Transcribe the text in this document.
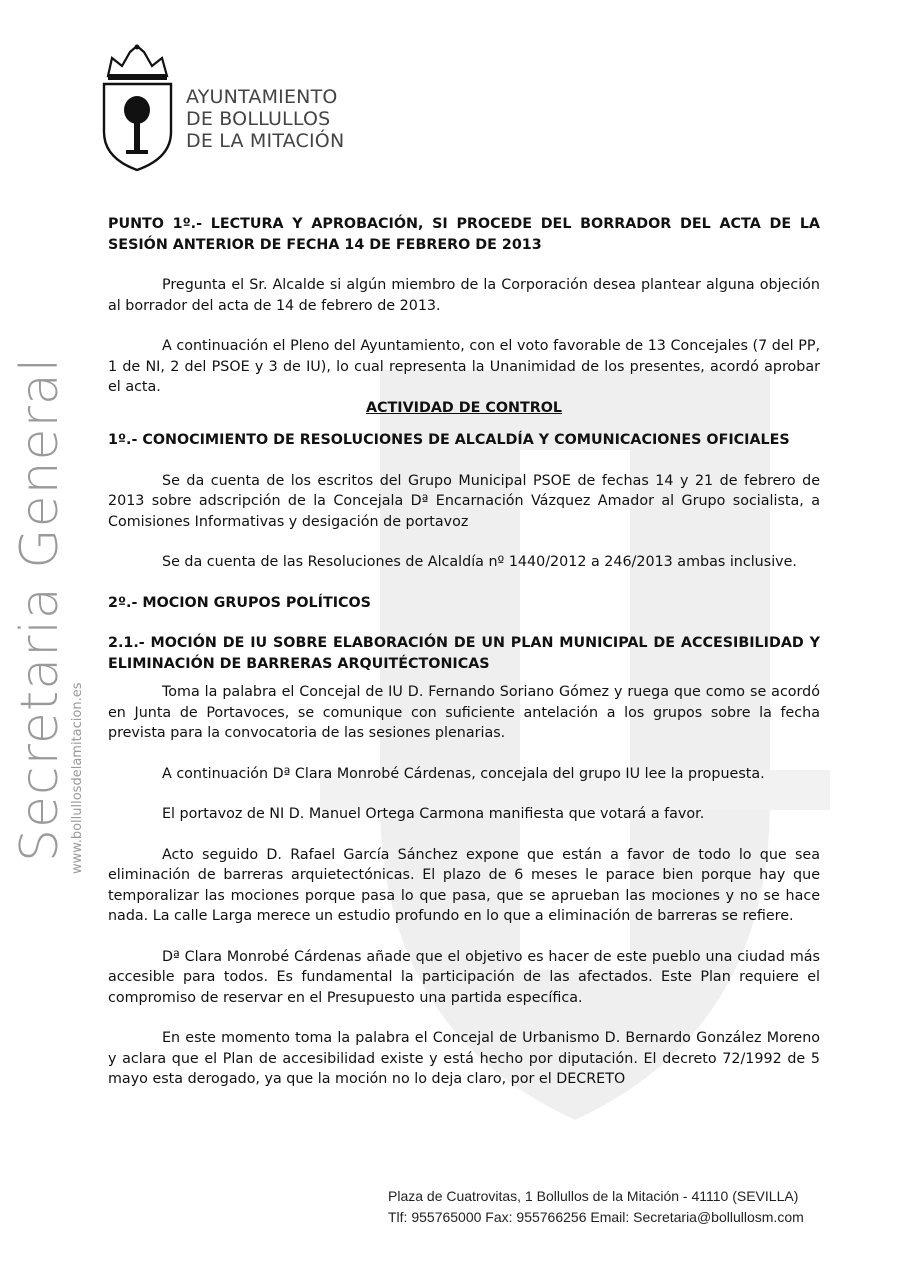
AYUNTAMIENTO
DE BOLLULLOS
DE LA MITACIÓN
Secretaria General www.bollullosdelamitacion.es

PUNTO 1º.- LECTURA Y APROBACIÓN, SI PROCEDE DEL BORRADOR DEL ACTA DE LA SESIÓN ANTERIOR DE FECHA 14 DE FEBRERO DE 2013

Pregunta el Sr. Alcalde si algún miembro de la Corporación desea plantear alguna objeción al borrador del acta de 14 de febrero de 2013.

A continuación el Pleno del Ayuntamiento, con el voto favorable de 13 Concejales (7 del PP, 1 de NI, 2 del PSOE y 3 de IU), lo cual representa la Unanimidad de los presentes, acordó aprobar el acta.

ACTIVIDAD DE CONTROL

1º.- CONOCIMIENTO DE RESOLUCIONES DE ALCALDÍA Y COMUNICACIONES OFICIALES

Se da cuenta de los escritos del Grupo Municipal PSOE de fechas 14 y 21 de febrero de 2013 sobre adscripción de la Concejala Dª Encarnación Vázquez Amador al Grupo socialista, a Comisiones Informativas y desigación de portavoz

Se da cuenta de las Resoluciones de Alcaldía nº 1440/2012 a 246/2013 ambas inclusive.

2º.- MOCION GRUPOS POLÍTICOS

2.1.- MOCIÓN DE IU SOBRE ELABORACIÓN DE UN PLAN MUNICIPAL DE ACCESIBILIDAD Y ELIMINACIÓN DE BARRERAS ARQUITÉCTONICAS

Toma la palabra el Concejal de IU D. Fernando Soriano Gómez y ruega que como se acordó en Junta de Portavoces, se comunique con suficiente antelación a los grupos sobre la fecha prevista para la convocatoria de las sesiones plenarias.

A continuación Dª Clara Monrobé Cárdenas, concejala del grupo IU lee la propuesta.

El portavoz de NI D. Manuel Ortega Carmona manifiesta que votará a favor.

Acto seguido D. Rafael García Sánchez expone que están a favor de todo lo que sea eliminación de barreras arquietectónicas. El plazo de 6 meses le paracе bien porque hay que temporalizar las mociones porque pasa lo que pasa, que se aprueban las mociones y no se hace nada. La calle Larga merece un estudio profundo en lo que a eliminación de barreras se refiere.

Dª Clara Monrobé Cárdenas añade que el objetivo es hacer de este pueblo una ciudad más accesible para todos. Es fundamental la participación de las afectados. Este Plan requiere el compromiso de reservar en el Presupuesto una partida específica.

En este momento toma la palabra el Concejal de Urbanismo D. Bernardo González Moreno y aclara que el Plan de accesibilidad existe y está hecho por diputación. El decreto 72/1992 de 5 mayo esta derogado, ya que la moción no lo deja claro, por el DECRETO

Plaza de Cuatrovitas, 1 Bollullos de la Mitación - 41110 (SEVILLA)
Tlf: 955765000 Fax: 955766256 Email: Secretaria@bollullosm.com
